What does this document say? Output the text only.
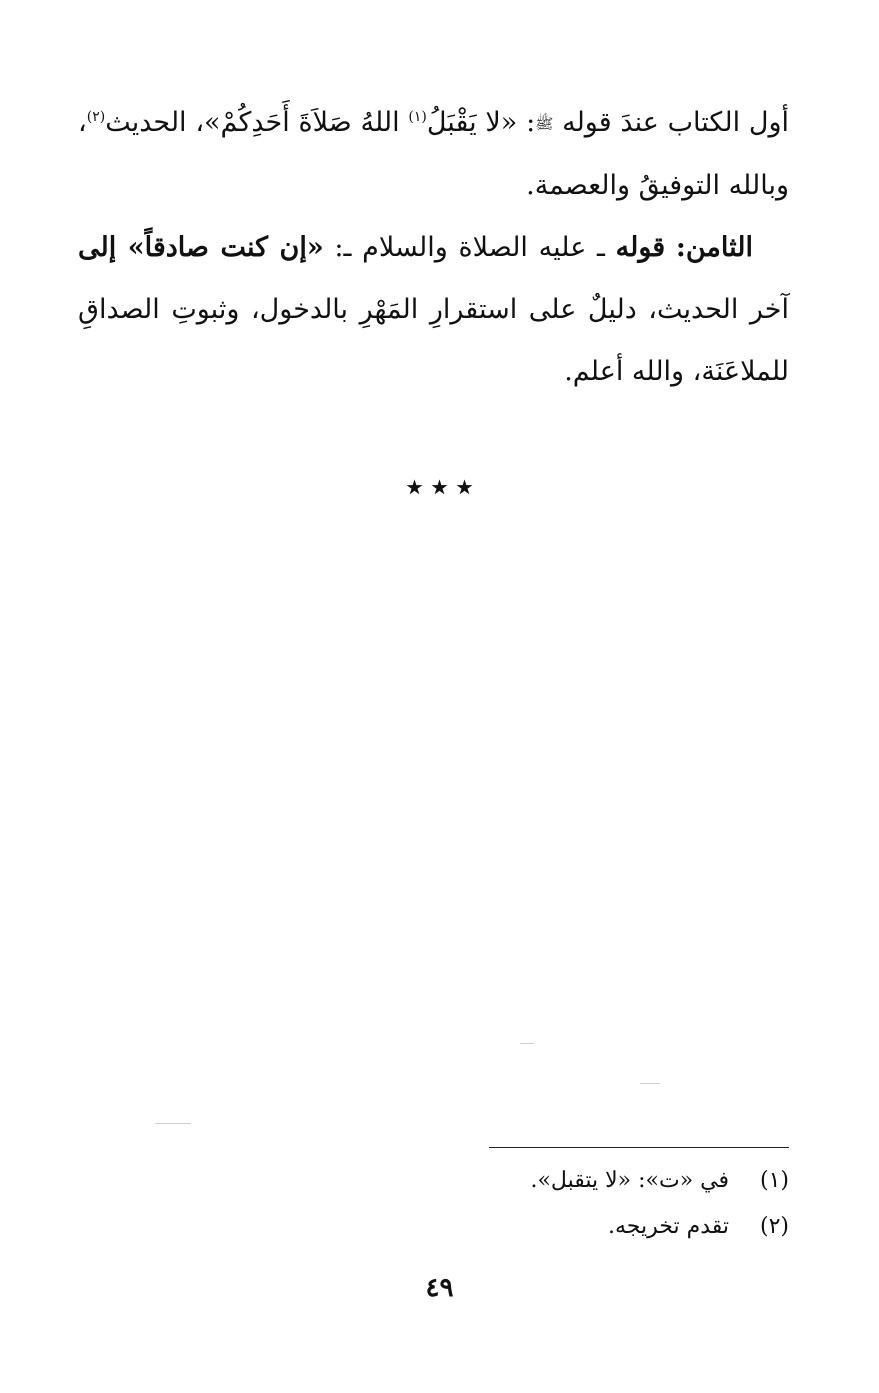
أول الكتاب عندَ قوله ﷺ: «لا يَقْبَلُ$^{(١)}$ اللهُ صَلاَةَ أَحَدِكُمْ»، الحديث$^{(٢)}$، وبالله التوفيقُ والعصمة.

الثامن: قوله ـ عليه الصلاة والسلام ـ: «إن كنت صادقاً» إلى آخر الحديث، دليلٌ على استقرارِ المَهْرِ بالدخول، وثبوتِ الصداقِ للملاعَنَة، والله أعلم.

٭ ٭ ٭
(١)
في «ت»: «لا يتقبل».
(٢)
تقدم تخريجه.
٤٩
